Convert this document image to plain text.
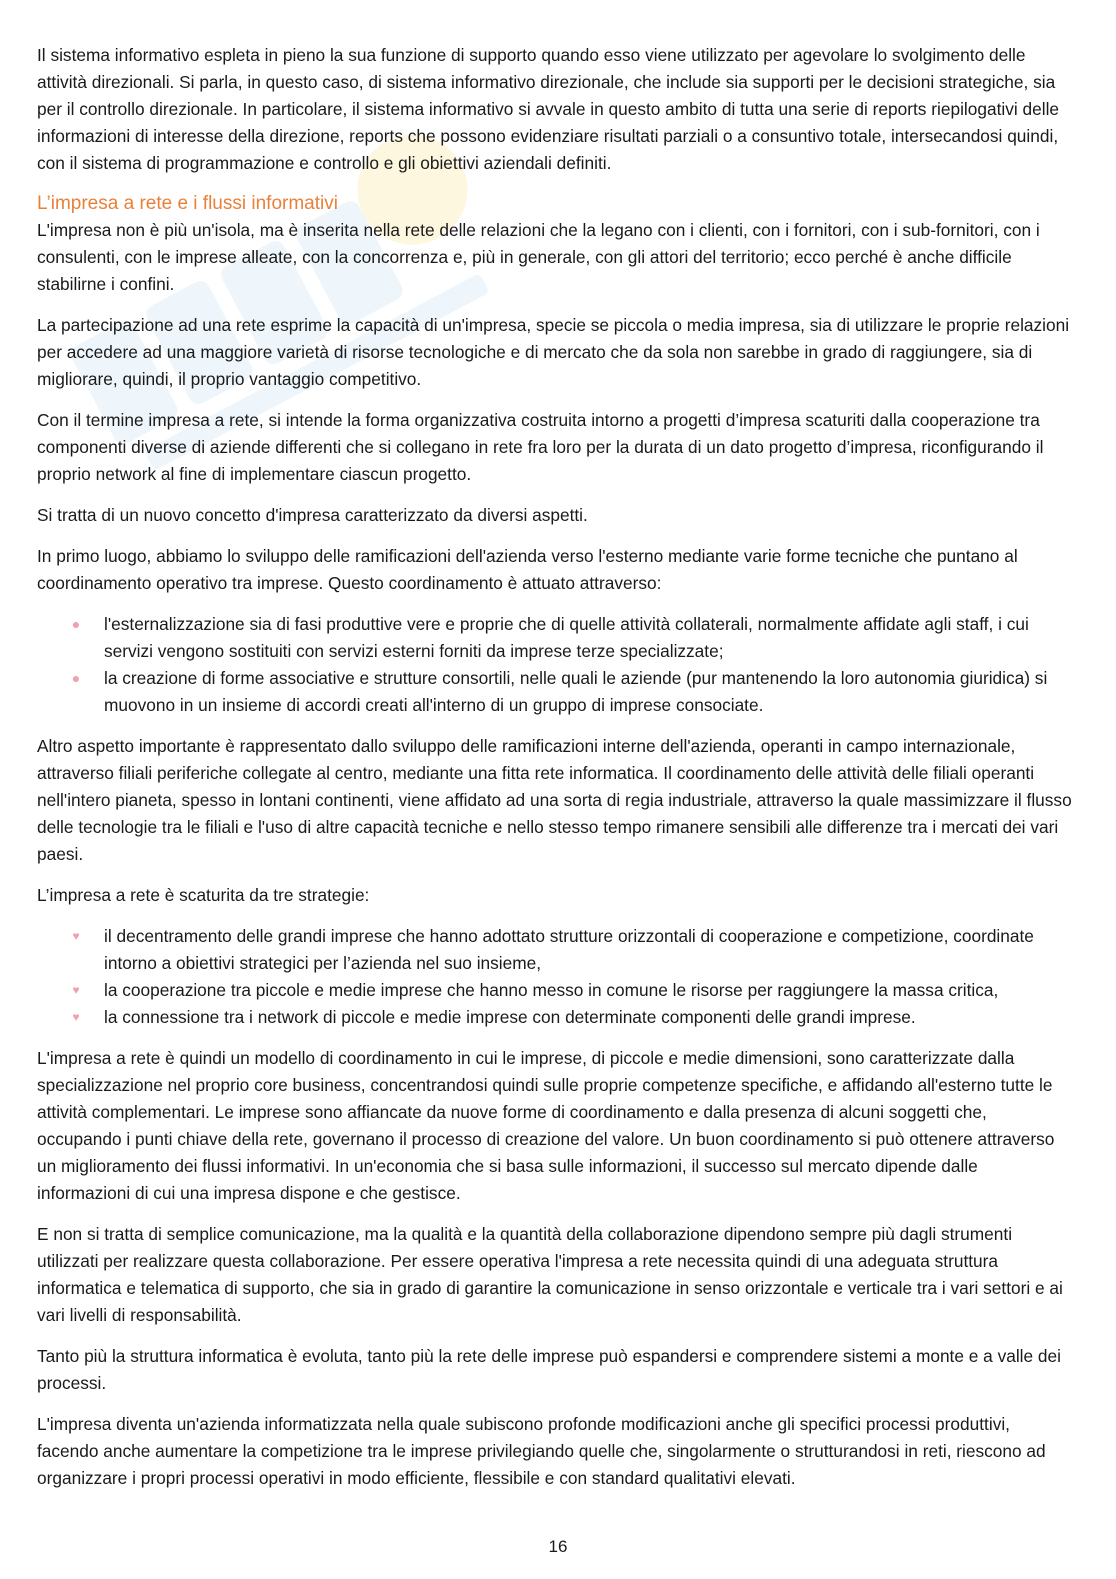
Il sistema informativo espleta in pieno la sua funzione di supporto quando esso viene utilizzato per agevolare lo svolgimento delle attività direzionali. Si parla, in questo caso, di sistema informativo direzionale, che include sia supporti per le decisioni strategiche, sia per il controllo direzionale. In particolare, il sistema informativo si avvale in questo ambito di tutta una serie di reports riepilogativi delle informazioni di interesse della direzione, reports che possono evidenziare risultati parziali o a consuntivo totale, intersecandosi quindi, con il sistema di programmazione e controllo e gli obiettivi aziendali definiti.

L’impresa a rete e i flussi informativi

L'impresa non è più un'isola, ma è inserita nella rete delle relazioni che la legano con i clienti, con i fornitori, con i sub-fornitori, con i consulenti, con le imprese alleate, con la concorrenza e, più in generale, con gli attori del territorio; ecco perché è anche difficile stabilirne i confini.

La partecipazione ad una rete esprime la capacità di un'impresa, specie se piccola o media impresa, sia di utilizzare le proprie relazioni per accedere ad una maggiore varietà di risorse tecnologiche e di mercato che da sola non sarebbe in grado di raggiungere, sia di migliorare, quindi, il proprio vantaggio competitivo.

Con il termine impresa a rete, si intende la forma organizzativa costruita intorno a progetti d’impresa scaturiti dalla cooperazione tra componenti diverse di aziende differenti che si collegano in rete fra loro per la durata di un dato progetto d’impresa, riconfigurando il proprio network al fine di implementare ciascun progetto.

Si tratta di un nuovo concetto d'impresa caratterizzato da diversi aspetti.

In primo luogo, abbiamo lo sviluppo delle ramificazioni dell'azienda verso l'esterno mediante varie forme tecniche che puntano al coordinamento operativo tra imprese. Questo coordinamento è attuato attraverso:

● l'esternalizzazione sia di fasi produttive vere e proprie che di quelle attività collaterali, normalmente affidate agli staff, i cui servizi vengono sostituiti con servizi esterni forniti da imprese terze specializzate;
● la creazione di forme associative e strutture consortili, nelle quali le aziende (pur mantenendo la loro autonomia giuridica) si muovono in un insieme di accordi creati all'interno di un gruppo di imprese consociate.

Altro aspetto importante è rappresentato dallo sviluppo delle ramificazioni interne dell'azienda, operanti in campo internazionale, attraverso filiali periferiche collegate al centro, mediante una fitta rete informatica. Il coordinamento delle attività delle filiali operanti nell'intero pianeta, spesso in lontani continenti, viene affidato ad una sorta di regia industriale, attraverso la quale massimizzare il flusso delle tecnologie tra le filiali e l'uso di altre capacità tecniche e nello stesso tempo rimanere sensibili alle differenze tra i mercati dei vari paesi.

L’impresa a rete è scaturita da tre strategie:

♥ il decentramento delle grandi imprese che hanno adottato strutture orizzontali di cooperazione e competizione, coordinate intorno a obiettivi strategici per l’azienda nel suo insieme,
♥ la cooperazione tra piccole e medie imprese che hanno messo in comune le risorse per raggiungere la massa critica,
♥ la connessione tra i network di piccole e medie imprese con determinate componenti delle grandi imprese.

L'impresa a rete è quindi un modello di coordinamento in cui le imprese, di piccole e medie dimensioni, sono caratterizzate dalla specializzazione nel proprio core business, concentrandosi quindi sulle proprie competenze specifiche, e affidando all'esterno tutte le attività complementari. Le imprese sono affiancate da nuove forme di coordinamento e dalla presenza di alcuni soggetti che, occupando i punti chiave della rete, governano il processo di creazione del valore. Un buon coordinamento si può ottenere attraverso un miglioramento dei flussi informativi. In un'economia che si basa sulle informazioni, il successo sul mercato dipende dalle informazioni di cui una impresa dispone e che gestisce.

E non si tratta di semplice comunicazione, ma la qualità e la quantità della collaborazione dipendono sempre più dagli strumenti utilizzati per realizzare questa collaborazione. Per essere operativa l'impresa a rete necessita quindi di una adeguata struttura informatica e telematica di supporto, che sia in grado di garantire la comunicazione in senso orizzontale e verticale tra i vari settori e ai vari livelli di responsabilità.

Tanto più la struttura informatica è evoluta, tanto più la rete delle imprese può espandersi e comprendere sistemi a monte e a valle dei processi.

L'impresa diventa un'azienda informatizzata nella quale subiscono profonde modificazioni anche gli specifici processi produttivi, facendo anche aumentare la competizione tra le imprese privilegiando quelle che, singolarmente o strutturandosi in reti, riescono ad organizzare i propri processi operativi in modo efficiente, flessibile e con standard qualitativi elevati.

16
